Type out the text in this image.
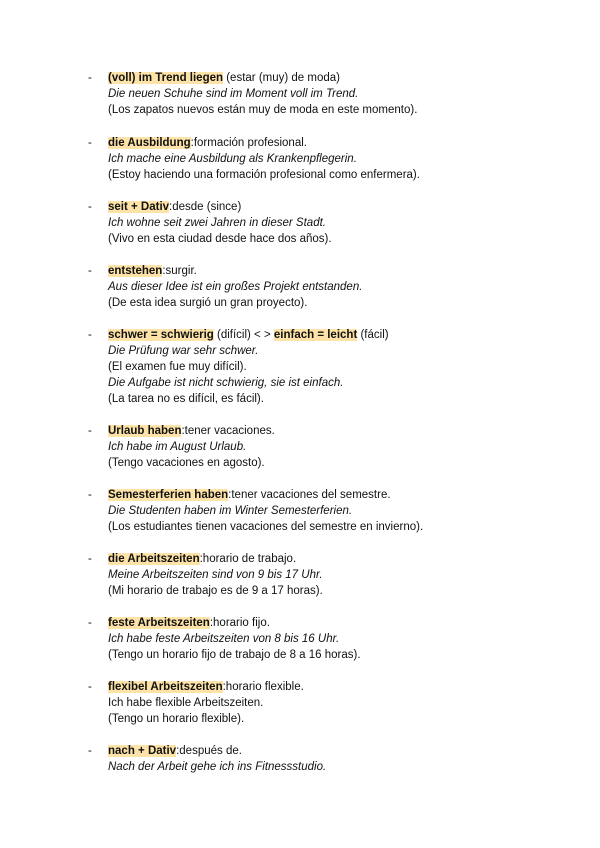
- (voll) im Trend liegen (estar (muy) de moda)
Die neuen Schuhe sind im Moment voll im Trend.
(Los zapatos nuevos están muy de moda en este momento).
- die Ausbildung:formación profesional.
Ich mache eine Ausbildung als Krankenpflegerin.
(Estoy haciendo una formación profesional como enfermera).
- seit + Dativ:desde (since)
Ich wohne seit zwei Jahren in dieser Stadt.
(Vivo en esta ciudad desde hace dos años).
- entstehen:surgir.
Aus dieser Idee ist ein großes Projekt entstanden.
(De esta idea surgió un gran proyecto).
- schwer = schwierig (difícil) < > einfach = leicht (fácil)
Die Prüfung war sehr schwer.
(El examen fue muy difícil).
Die Aufgabe ist nicht schwierig, sie ist einfach.
(La tarea no es difícil, es fácil).
- Urlaub haben:tener vacaciones.
Ich habe im August Urlaub.
(Tengo vacaciones en agosto).
- Semesterferien haben:tener vacaciones del semestre.
Die Studenten haben im Winter Semesterferien.
(Los estudiantes tienen vacaciones del semestre en invierno).
- die Arbeitszeiten:horario de trabajo.
Meine Arbeitszeiten sind von 9 bis 17 Uhr.
(Mi horario de trabajo es de 9 a 17 horas).
- feste Arbeitszeiten:horario fijo.
Ich habe feste Arbeitszeiten von 8 bis 16 Uhr.
(Tengo un horario fijo de trabajo de 8 a 16 horas).
- flexibel Arbeitszeiten:horario flexible.
Ich habe flexible Arbeitszeiten.
(Tengo un horario flexible).
- nach + Dativ:después de.
Nach der Arbeit gehe ich ins Fitnessstudio.
